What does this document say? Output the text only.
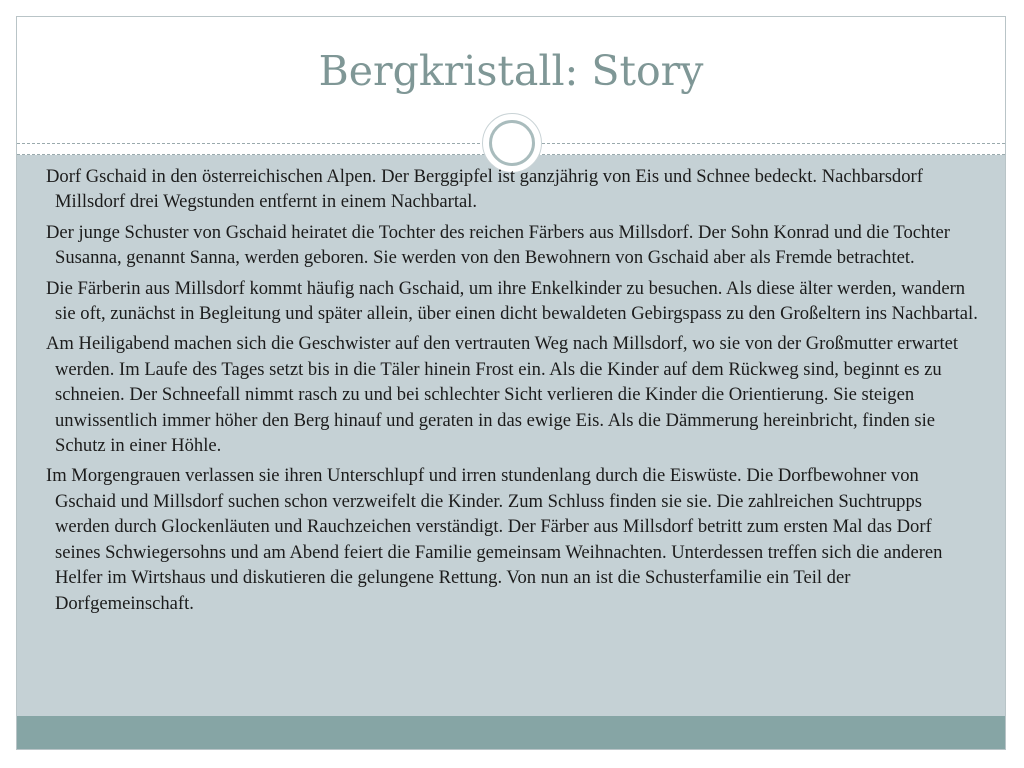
Bergkristall: Story

Dorf Gschaid in den österreichischen Alpen. Der Berggipfel ist ganzjährig von Eis und Schnee bedeckt. Nachbarsdorf Millsdorf drei Wegstunden entfernt in einem Nachbartal.

Der junge Schuster von Gschaid heiratet die Tochter des reichen Färbers aus Millsdorf. Der Sohn Konrad und die Tochter Susanna, genannt Sanna, werden geboren. Sie werden von den Bewohnern von Gschaid aber als Fremde betrachtet.

Die Färberin aus Millsdorf kommt häufig nach Gschaid, um ihre Enkelkinder zu besuchen. Als diese älter werden, wandern sie oft, zunächst in Begleitung und später allein, über einen dicht bewaldeten Gebirgspass zu den Großeltern ins Nachbartal.

Am Heiligabend machen sich die Geschwister auf den vertrauten Weg nach Millsdorf, wo sie von der Großmutter erwartet werden. Im Laufe des Tages setzt bis in die Täler hinein Frost ein. Als die Kinder auf dem Rückweg sind, beginnt es zu schneien. Der Schneefall nimmt rasch zu und bei schlechter Sicht verlieren die Kinder die Orientierung. Sie steigen unwissentlich immer höher den Berg hinauf und geraten in das ewige Eis. Als die Dämmerung hereinbricht, finden sie Schutz in einer Höhle.

Im Morgengrauen verlassen sie ihren Unterschlupf und irren stundenlang durch die Eiswüste. Die Dorfbewohner von Gschaid und Millsdorf suchen schon verzweifelt die Kinder. Zum Schluss finden sie sie. Die zahlreichen Suchtrupps werden durch Glockenläuten und Rauchzeichen verständigt. Der Färber aus Millsdorf betritt zum ersten Mal das Dorf seines Schwiegersohns und am Abend feiert die Familie gemeinsam Weihnachten. Unterdessen treffen sich die anderen Helfer im Wirtshaus und diskutieren die gelungene Rettung. Von nun an ist die Schusterfamilie ein Teil der Dorfgemeinschaft.
